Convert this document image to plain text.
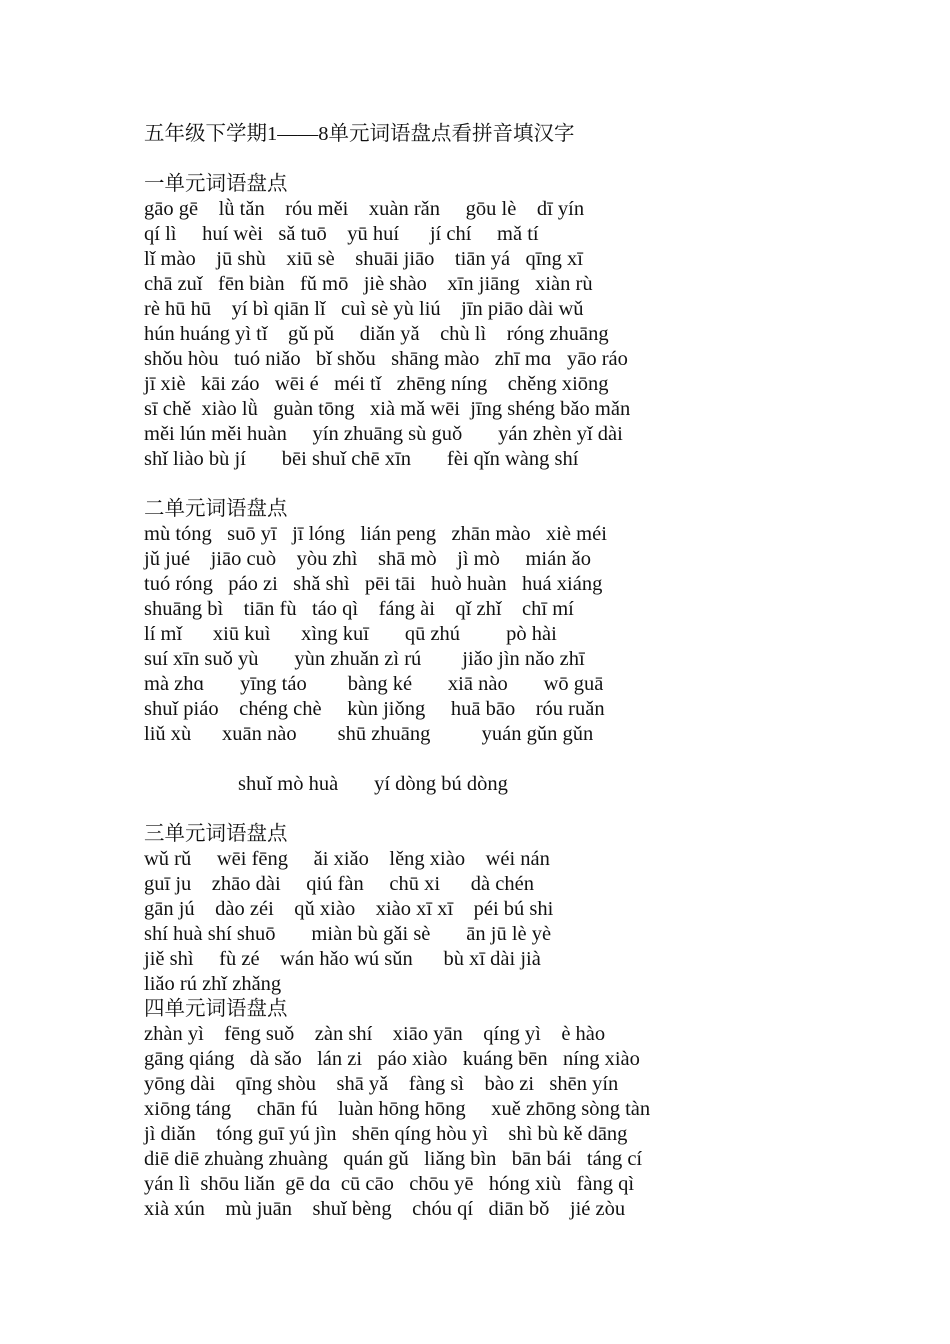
五年级下学期1——8单元词语盘点看拼音填汉字
一单元词语盘点
gāo gē    lǜ tǎn    róu měi    xuàn rǎn     gōu lè    dī yín
qí lì     huí wèi   sǎ tuō    yū huí      jí chí     mǎ tí
lǐ mào    jū shù    xiū sè    shuāi jiāo    tiān yá   qīng xī
chā zuǐ   fēn biàn   fǔ mō   jiè shào    xīn jiāng   xiàn rù
rè hū hū    yí bì qiān lǐ   cuì sè yù liú    jīn piāo dài wǔ
hún huáng yì tǐ    gǔ pǔ     diǎn yǎ    chù lì    róng zhuāng
shǒu hòu   tuó niǎo   bǐ shǒu   shāng mào   zhī mɑ   yāo ráo
jī xiè   kāi záo   wēi é   méi tǐ   zhēng níng    chěng xiōng
sī chě  xiào lǜ   guàn tōng   xià mǎ wēi  jīng shéng bǎo mǎn
měi lún měi huàn     yín zhuāng sù guǒ       yán zhèn yǐ dài
shǐ liào bù jí       bēi shuǐ chē xīn       fèi qǐn wàng shí
二单元词语盘点
mù tóng   suō yī   jī lóng   lián peng   zhān mào   xiè méi
jǔ jué    jiāo cuò    yòu zhì    shā mò    jì mò     mián ǎo
tuó róng   páo zi   shǎ shì   pēi tāi   huò huàn   huá xiáng
shuāng bì    tiān fù   táo qì    fáng ài    qǐ zhǐ    chī mí
lí mǐ      xiū kuì      xìng kuī       qū zhú         pò hài
suí xīn suǒ yù       yùn zhuǎn zì rú        jiǎo jìn nǎo zhī
mà zhɑ       yīng táo        bàng ké       xiā nào       wō guā
shuǐ piáo    chéng chè     kùn jiǒng     huā bāo    róu ruǎn
liǔ xù      xuān nào        shū zhuāng          yuán gǔn gǔn
shuǐ mò huà       yí dòng bú dòng
三单元词语盘点
wǔ rǔ     wēi fēng     ǎi xiǎo    lěng xiào    wéi nán
guī ju    zhāo dài     qiú fàn     chū xi      dà chén
gān jú    dào zéi    qǔ xiào    xiào xī xī    péi bú shi
shí huà shí shuō       miàn bù gǎi sè       ān jū lè yè
jiě shì     fù zé    wán hǎo wú sǔn      bù xī dài jià
liǎo rú zhǐ zhǎng
四单元词语盘点
zhàn yì    fēng suǒ    zàn shí    xiāo yān    qíng yì    è hào
gāng qiáng   dà sǎo   lán zi   páo xiào   kuáng bēn   níng xiào
yōng dài    qīng shòu    shā yǎ    fàng sì    bào zi   shēn yín
xiōng táng     chān fú    luàn hōng hōng     xuě zhōng sòng tàn
jì diǎn    tóng guī yú jìn   shēn qíng hòu yì    shì bù kě dāng
diē diē zhuàng zhuàng   quán gǔ   liǎng bìn   bān bái   táng cí
yán lì  shōu liǎn  gē dɑ  cū cāo   chōu yē   hóng xiù   fàng qì
xià xún    mù juān    shuǐ bèng    chóu qí   diān bǒ    jié zòu
